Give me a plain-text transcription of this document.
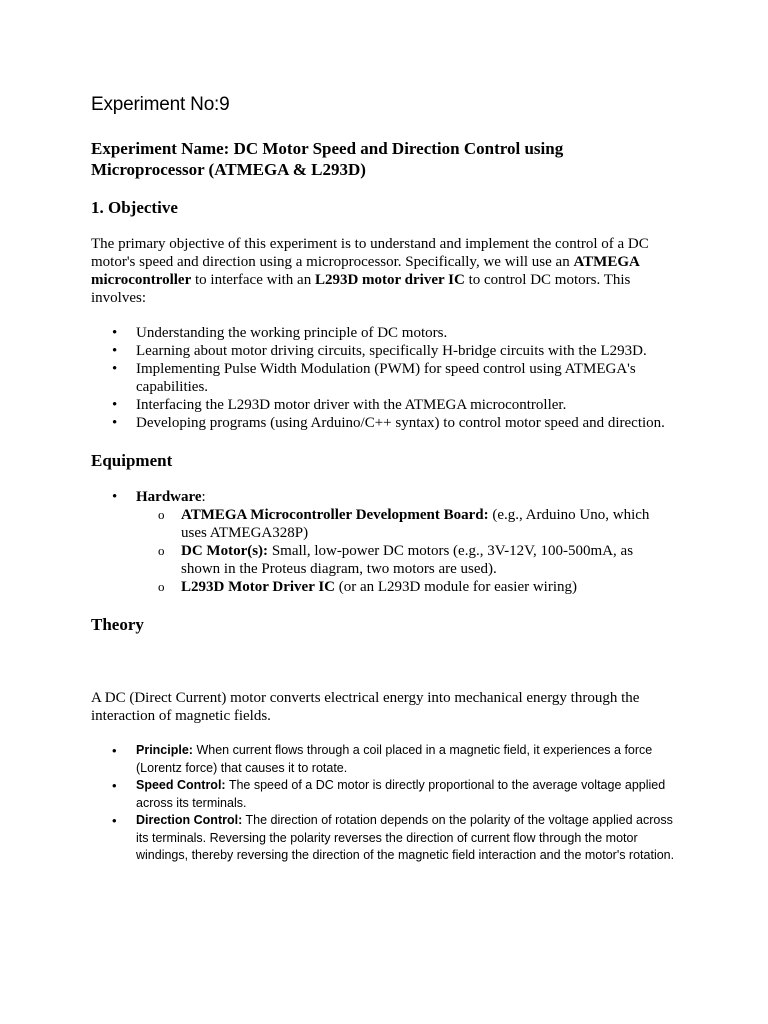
Experiment No:9
Experiment Name: DC Motor Speed and Direction Control using
Microprocessor (ATMEGA & L293D)
1. Objective

The primary objective of this experiment is to understand and implement the control of a DC motor's speed and direction using a microprocessor. Specifically, we will use an ATMEGA microcontroller to interface with an L293D motor driver IC to control DC motors. This involves:

• Understanding the working principle of DC motors.
• Learning about motor driving circuits, specifically H-bridge circuits with the L293D.
• Implementing Pulse Width Modulation (PWM) for speed control using ATMEGA's capabilities.
• Interfacing the L293D motor driver with the ATMEGA microcontroller.
• Developing programs (using Arduino/C++ syntax) to control motor speed and direction.
Equipment
• Hardware:
o ATMEGA Microcontroller Development Board: (e.g., Arduino Uno, which uses ATMEGA328P)
o DC Motor(s): Small, low-power DC motors (e.g., 3V-12V, 100-500mA, as shown in the Proteus diagram, two motors are used).
o L293D Motor Driver IC (or an L293D module for easier wiring)
Theory

A DC (Direct Current) motor converts electrical energy into mechanical energy through the interaction of magnetic fields.

• Principle: When current flows through a coil placed in a magnetic field, it experiences a force (Lorentz force) that causes it to rotate.
• Speed Control: The speed of a DC motor is directly proportional to the average voltage applied across its terminals.
• Direction Control: The direction of rotation depends on the polarity of the voltage applied across its terminals. Reversing the polarity reverses the direction of current flow through the motor windings, thereby reversing the direction of the magnetic field interaction and the motor's rotation.
